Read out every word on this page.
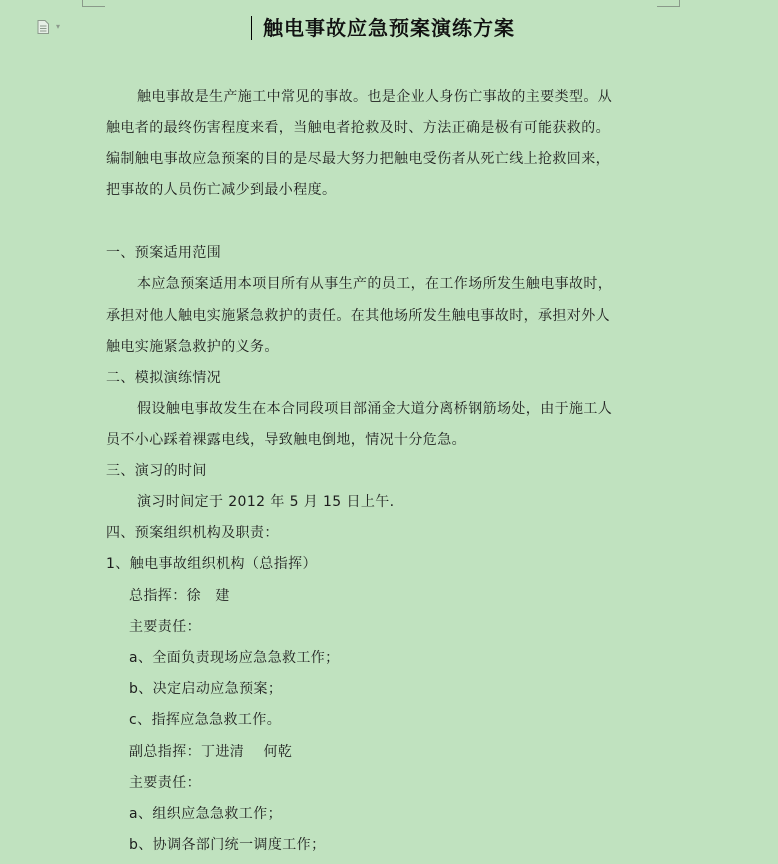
▾	触电事故应急预案演练方案
触电事故是生产施工中常见的事故。也是企业人身伤亡事故的主要类型。从
触电者的最终伤害程度来看，当触电者抢救及时、方法正确是极有可能获救的。
编制触电事故应急预案的目的是尽最大努力把触电受伤者从死亡线上抢救回来，
把事故的人员伤亡减少到最小程度。
一、预案适用范围
本应急预案适用本项目所有从事生产的员工，在工作场所发生触电事故时，
承担对他人触电实施紧急救护的责任。在其他场所发生触电事故时，承担对外人
触电实施紧急救护的义务。
二、模拟演练情况
假设触电事故发生在本合同段项目部涌金大道分离桥钢筋场处，由于施工人
员不小心踩着裸露电线，导致触电倒地，情况十分危急。
三、演习的时间
演习时间定于 2012 年 5 月 15 日上午.
四、预案组织机构及职责：
1、触电事故组织机构（总指挥）
总指挥：徐　建
主要责任：
a、全面负责现场应急急救工作；
b、决定启动应急预案；
c、指挥应急急救工作。
副总指挥：丁进清　 何乾
主要责任：
a、组织应急急救工作；
b、协调各部门统一调度工作；
